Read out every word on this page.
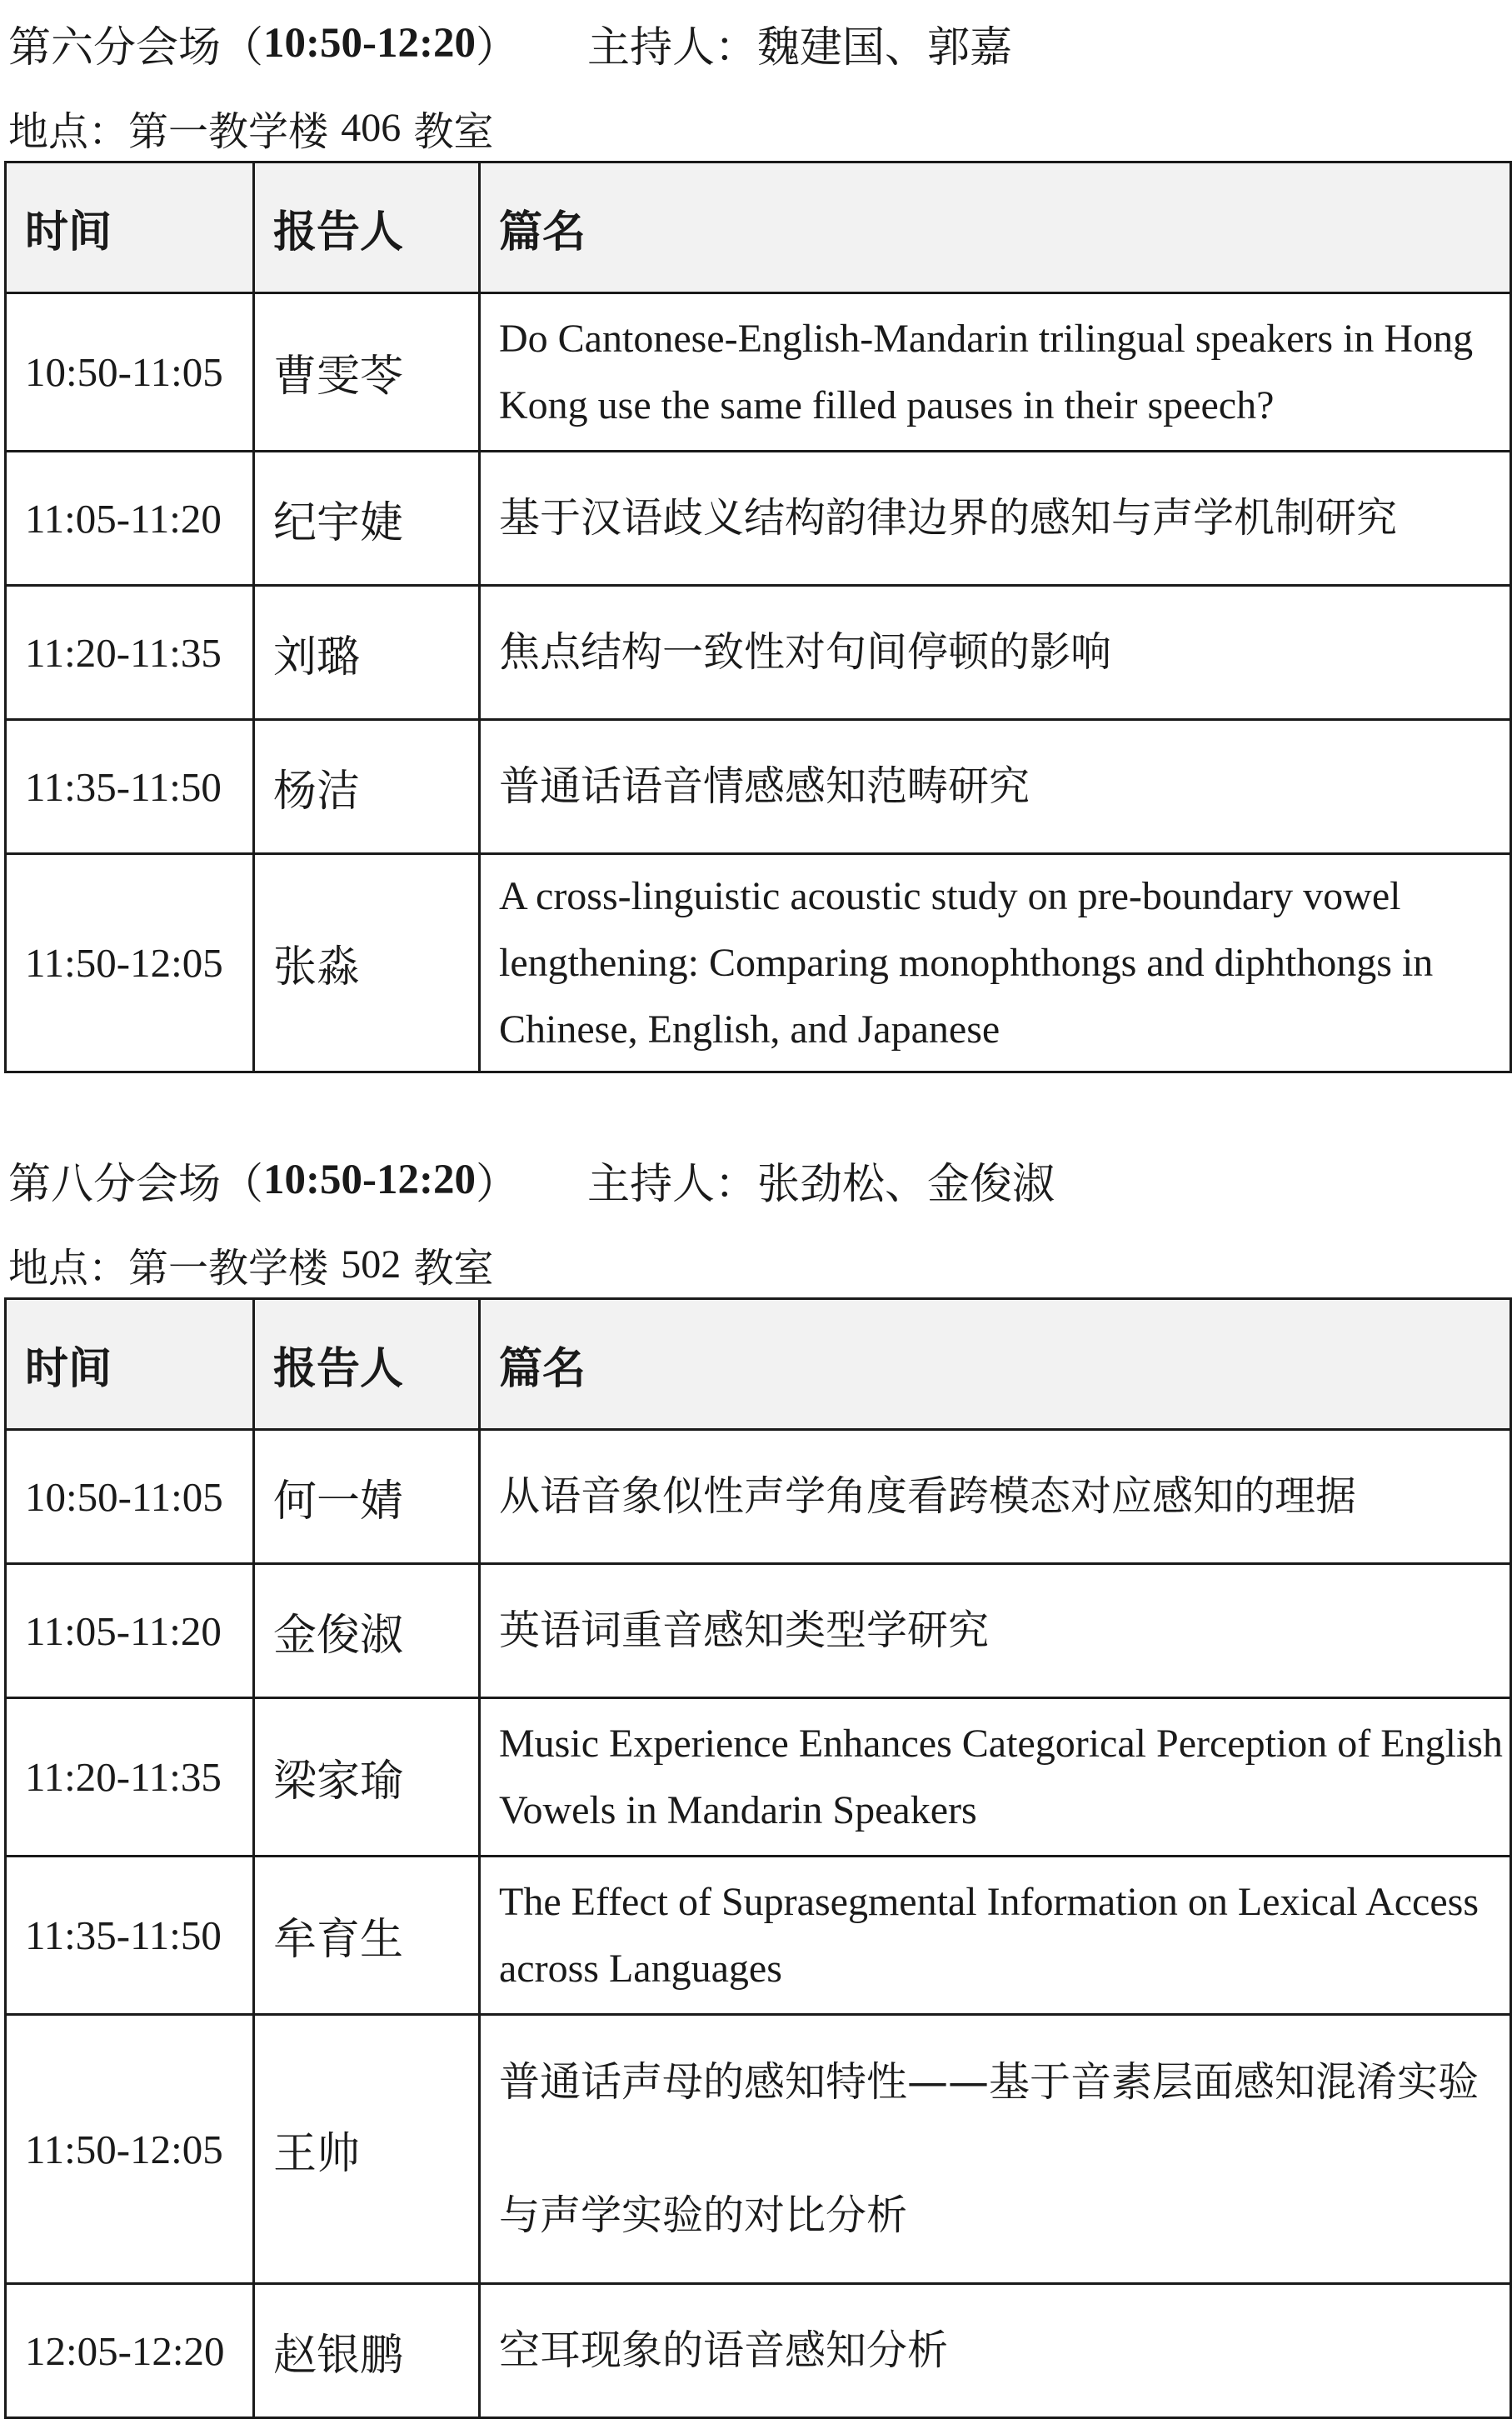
第六分会场 （ 10:50-12:20 ） 主持人：魏建国、郭嘉
地点：第一教学楼
406
教室
时间	报告人	篇名
10:50-11:05	曹雯苓	Do Cantonese-English-Mandarin trilingual speakers in Hong Kong use the same filled pauses in their speech?
11:05-11:20	纪宇婕	基于汉语歧义结构韵律边界的感知与声学机制研究
11:20-11:35	刘璐	焦点结构一致性对句间停顿的影响
11:35-11:50	杨洁	普通话语音情感感知范畴研究
11:50-12:05	张淼	A cross-linguistic acoustic study on pre-boundary vowel lengthening: Comparing monophthongs and diphthongs in Chinese, English, and Japanese
第八分会场 （ 10:50-12:20 ） 主持人：张劲松、金俊淑
地点：第一教学楼
502
教室
时间	报告人	篇名
10:50-11:05	何一婧	从语音象似性声学角度看跨模态对应感知的理据
11:05-11:20	金俊淑	英语词重音感知类型学研究
11:20-11:35	梁家瑜	Music Experience Enhances Categorical Perception of English Vowels in Mandarin Speakers
11:35-11:50	牟育生	The Effect of Suprasegmental Information on Lexical Access across Languages
11:50-12:05	王帅	普通话声母的感知特性——基于音素层面感知混淆实验与声学实验的对比分析
12:05-12:20	赵银鹏	空耳现象的语音感知分析
